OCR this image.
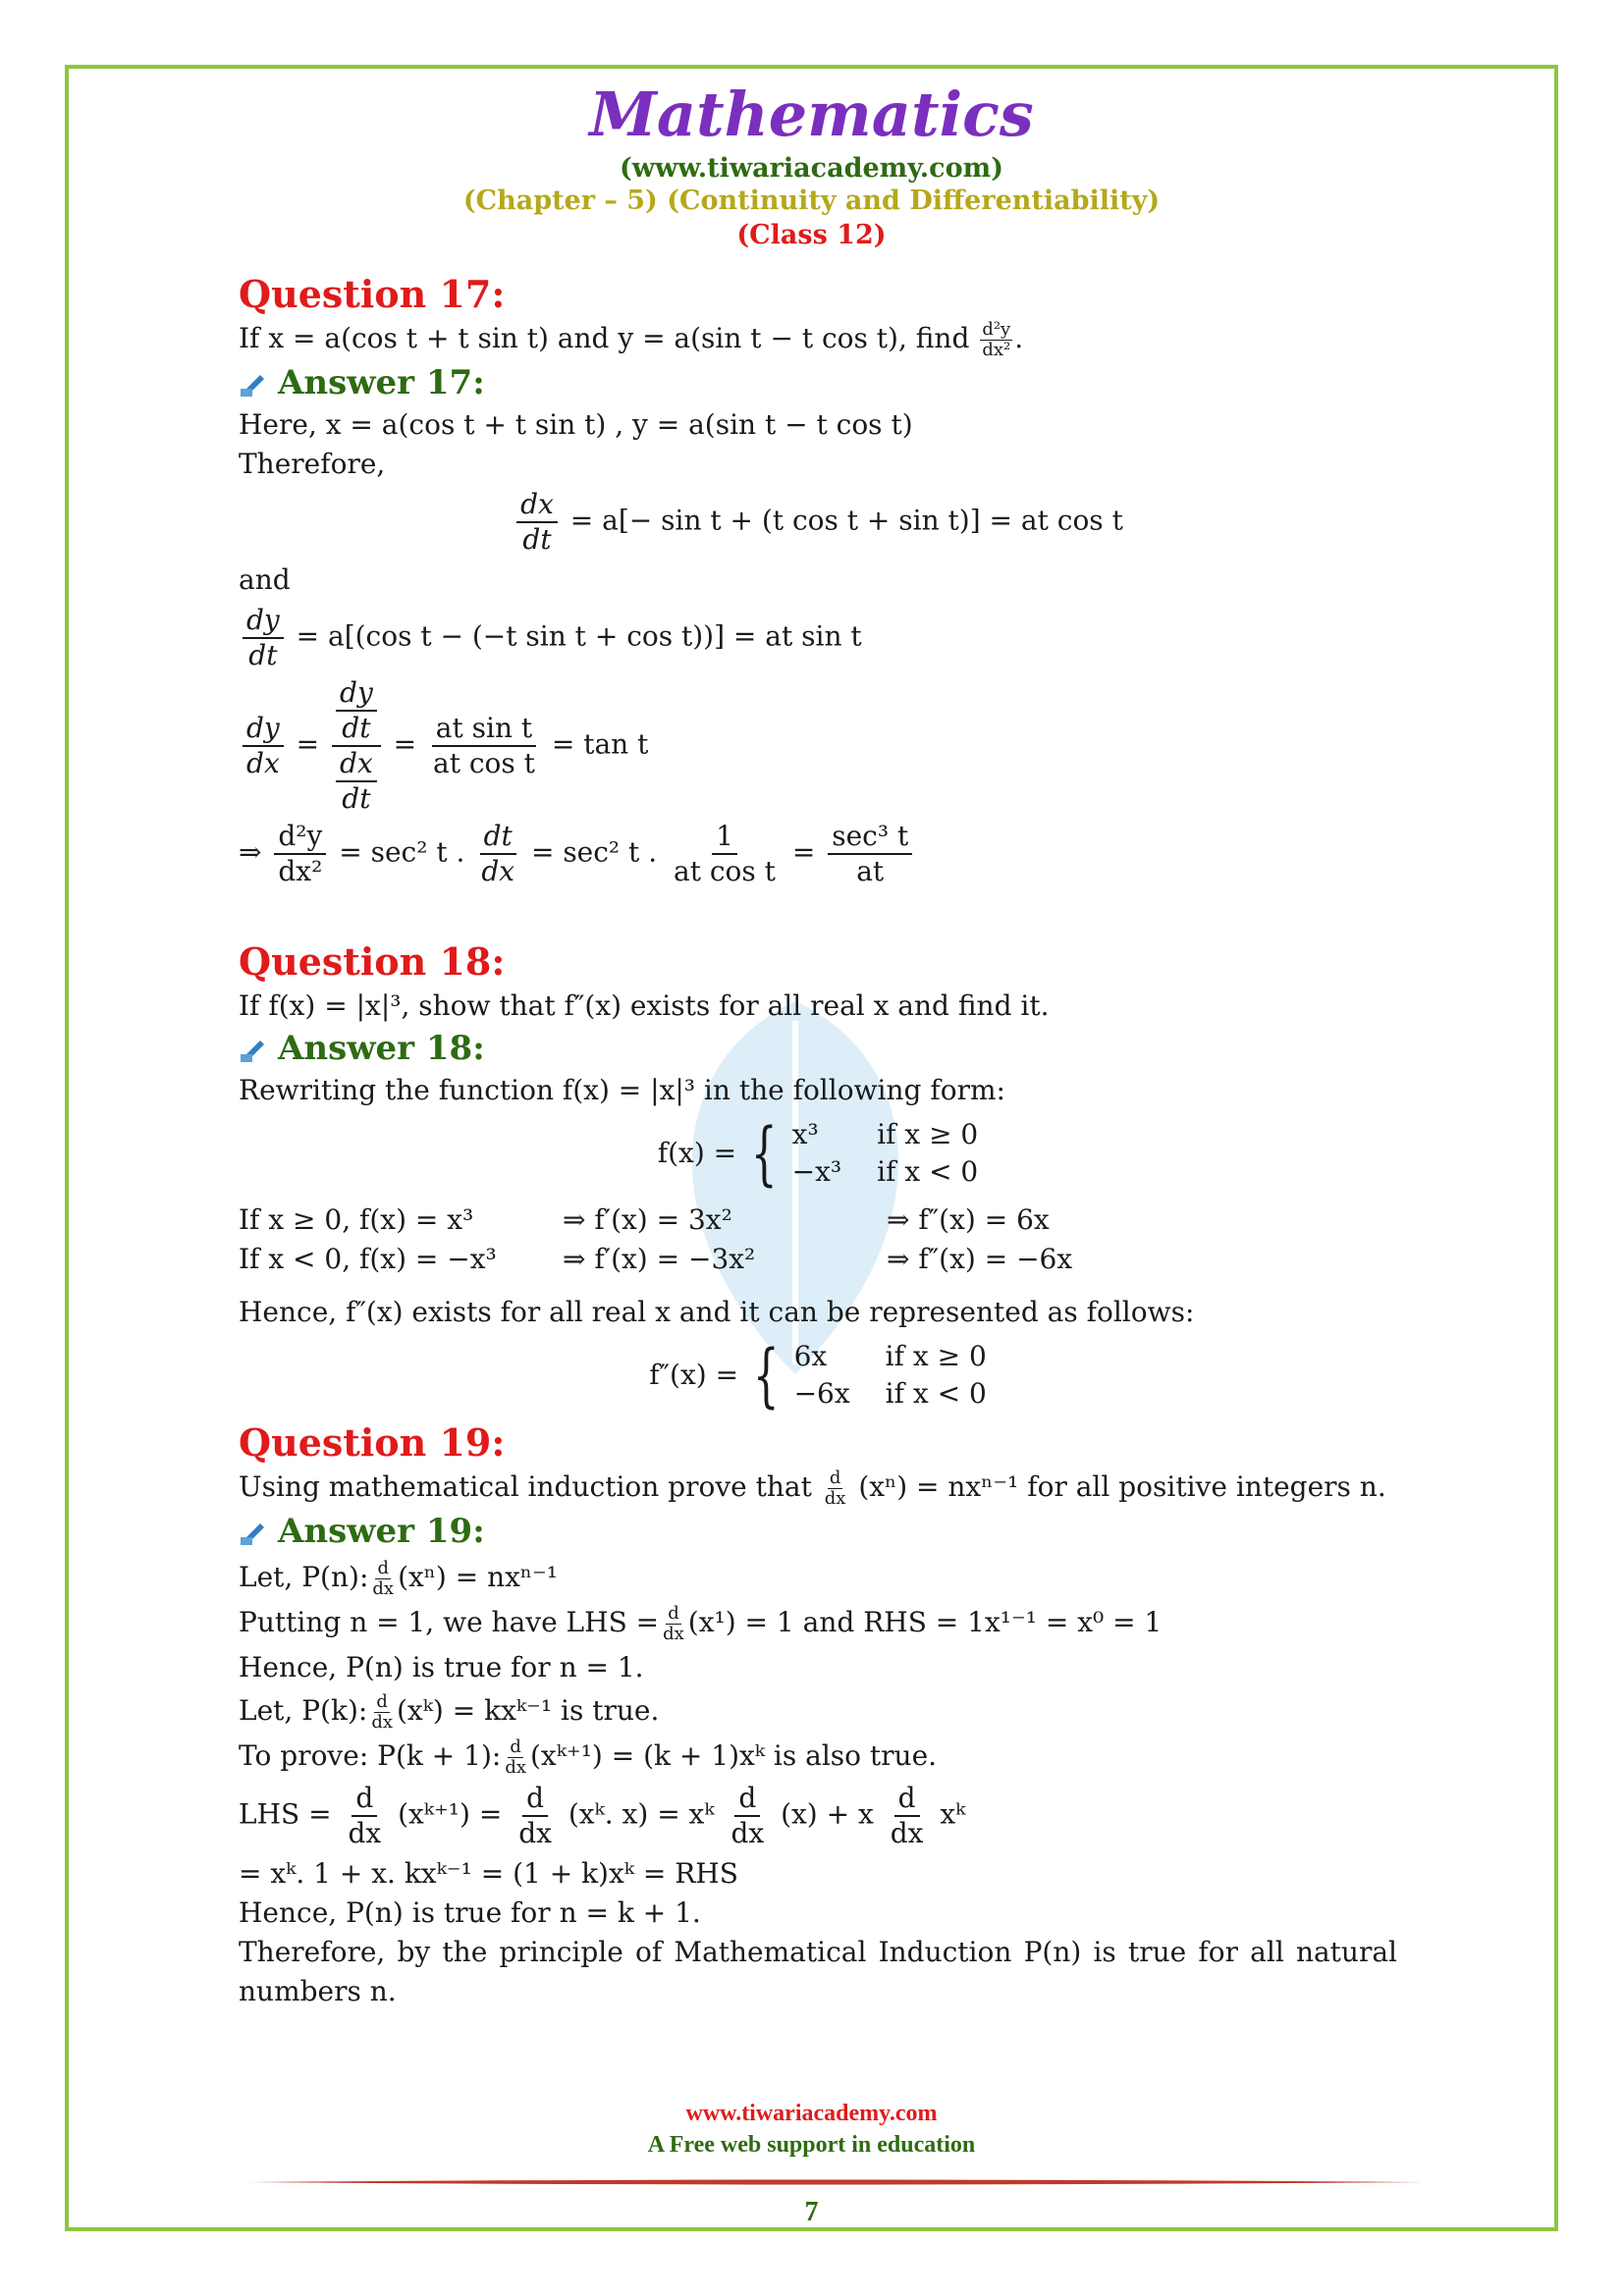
Mathematics
(www.tiwariacademy.com)
(Chapter – 5) (Continuity and Differentiability)
(Class 12)
Question 17:
If x = a(cos t + t sin t) and y = a(sin t − t cos t), find $\frac{\text{d²y}}{\text{dx²}}$ .
Answer 17:
Here, x = a(cos t + t sin t) , y = a(sin t − t cos t)
Therefore,
$\frac{dx}{dt} = a[- \sin t + (t$ cos t + sin t)] = at cos t
and
$\frac{dy}{dt} = a[(\cos$ t − (−t sin t + cos t))] = at sin t
$\frac{dy}{dx} = \frac{\frac{dy}{dt}}{\frac{dx}{dt}} = \frac{\text{at sin t}}{\text{at cos t}} = \tan t$
⇒ $\frac{\text{d²y}}{\text{dx²}} = \sec^2$ t . $\frac{dt}{dx} = \sec^2$ t . $\frac{1}{\text{at cos t}} = \frac{\text{sec³ t}}{at}$
Question 18:
If f(x) = |x|³, show that f″(x) exists for all real x and find it.
Answer 18:
Rewriting the function f(x) = |x|³ in the following form:
f(x) = { x³	if x ≥ 0
−x³ if x < 0
If x ≥ 0, f(x) = x³	⇒ f′(x) = 3x²	⇒ f″(x) = 6x
If x < 0, f(x) = −x³	⇒ f′(x) = −3x²	⇒ f″(x) = −6x
Hence, f″(x) exists for all real x and it can be represented as follows:
f″(x) = { 6x	if x ≥ 0
−6x if x < 0
Question 19:
Using mathematical induction prove that $\frac{d}{dx} (x^n) = nx^{n-1}$ for all positive integers n.
Answer 19:
Let, P(n): $\frac{d}{dx} (x^n) = nx^{n-1}$
Putting n = 1, we have LHS = $\frac{d}{dx} (x^1) = 1$ and RHS = 1x¹⁻¹ = x⁰ = 1
Hence, P(n) is true for n = 1.
Let, P(k): $\frac{d}{dx}$ (xᵏ) = kxᵏ⁻¹ is true.
To prove: P(k + 1): $\frac{d}{dx}$ (xᵏ⁺¹) = (k + 1)xᵏ is also true.
LHS = $\frac{d}{dx}$ (xᵏ⁺¹) = $\frac{d}{dx}$ (xᵏ. x) = xᵏ $\frac{d}{dx} (x) + x \frac{d}{dx}$ xᵏ
= xᵏ. 1 + x. kxᵏ⁻¹ = (1 + k)xᵏ = RHS
Hence, P(n) is true for n = k + 1.
Therefore, by the principle of Mathematical Induction P(n) is true for all natural numbers n.
www.tiwariacademy.com
A Free web support in education
7
